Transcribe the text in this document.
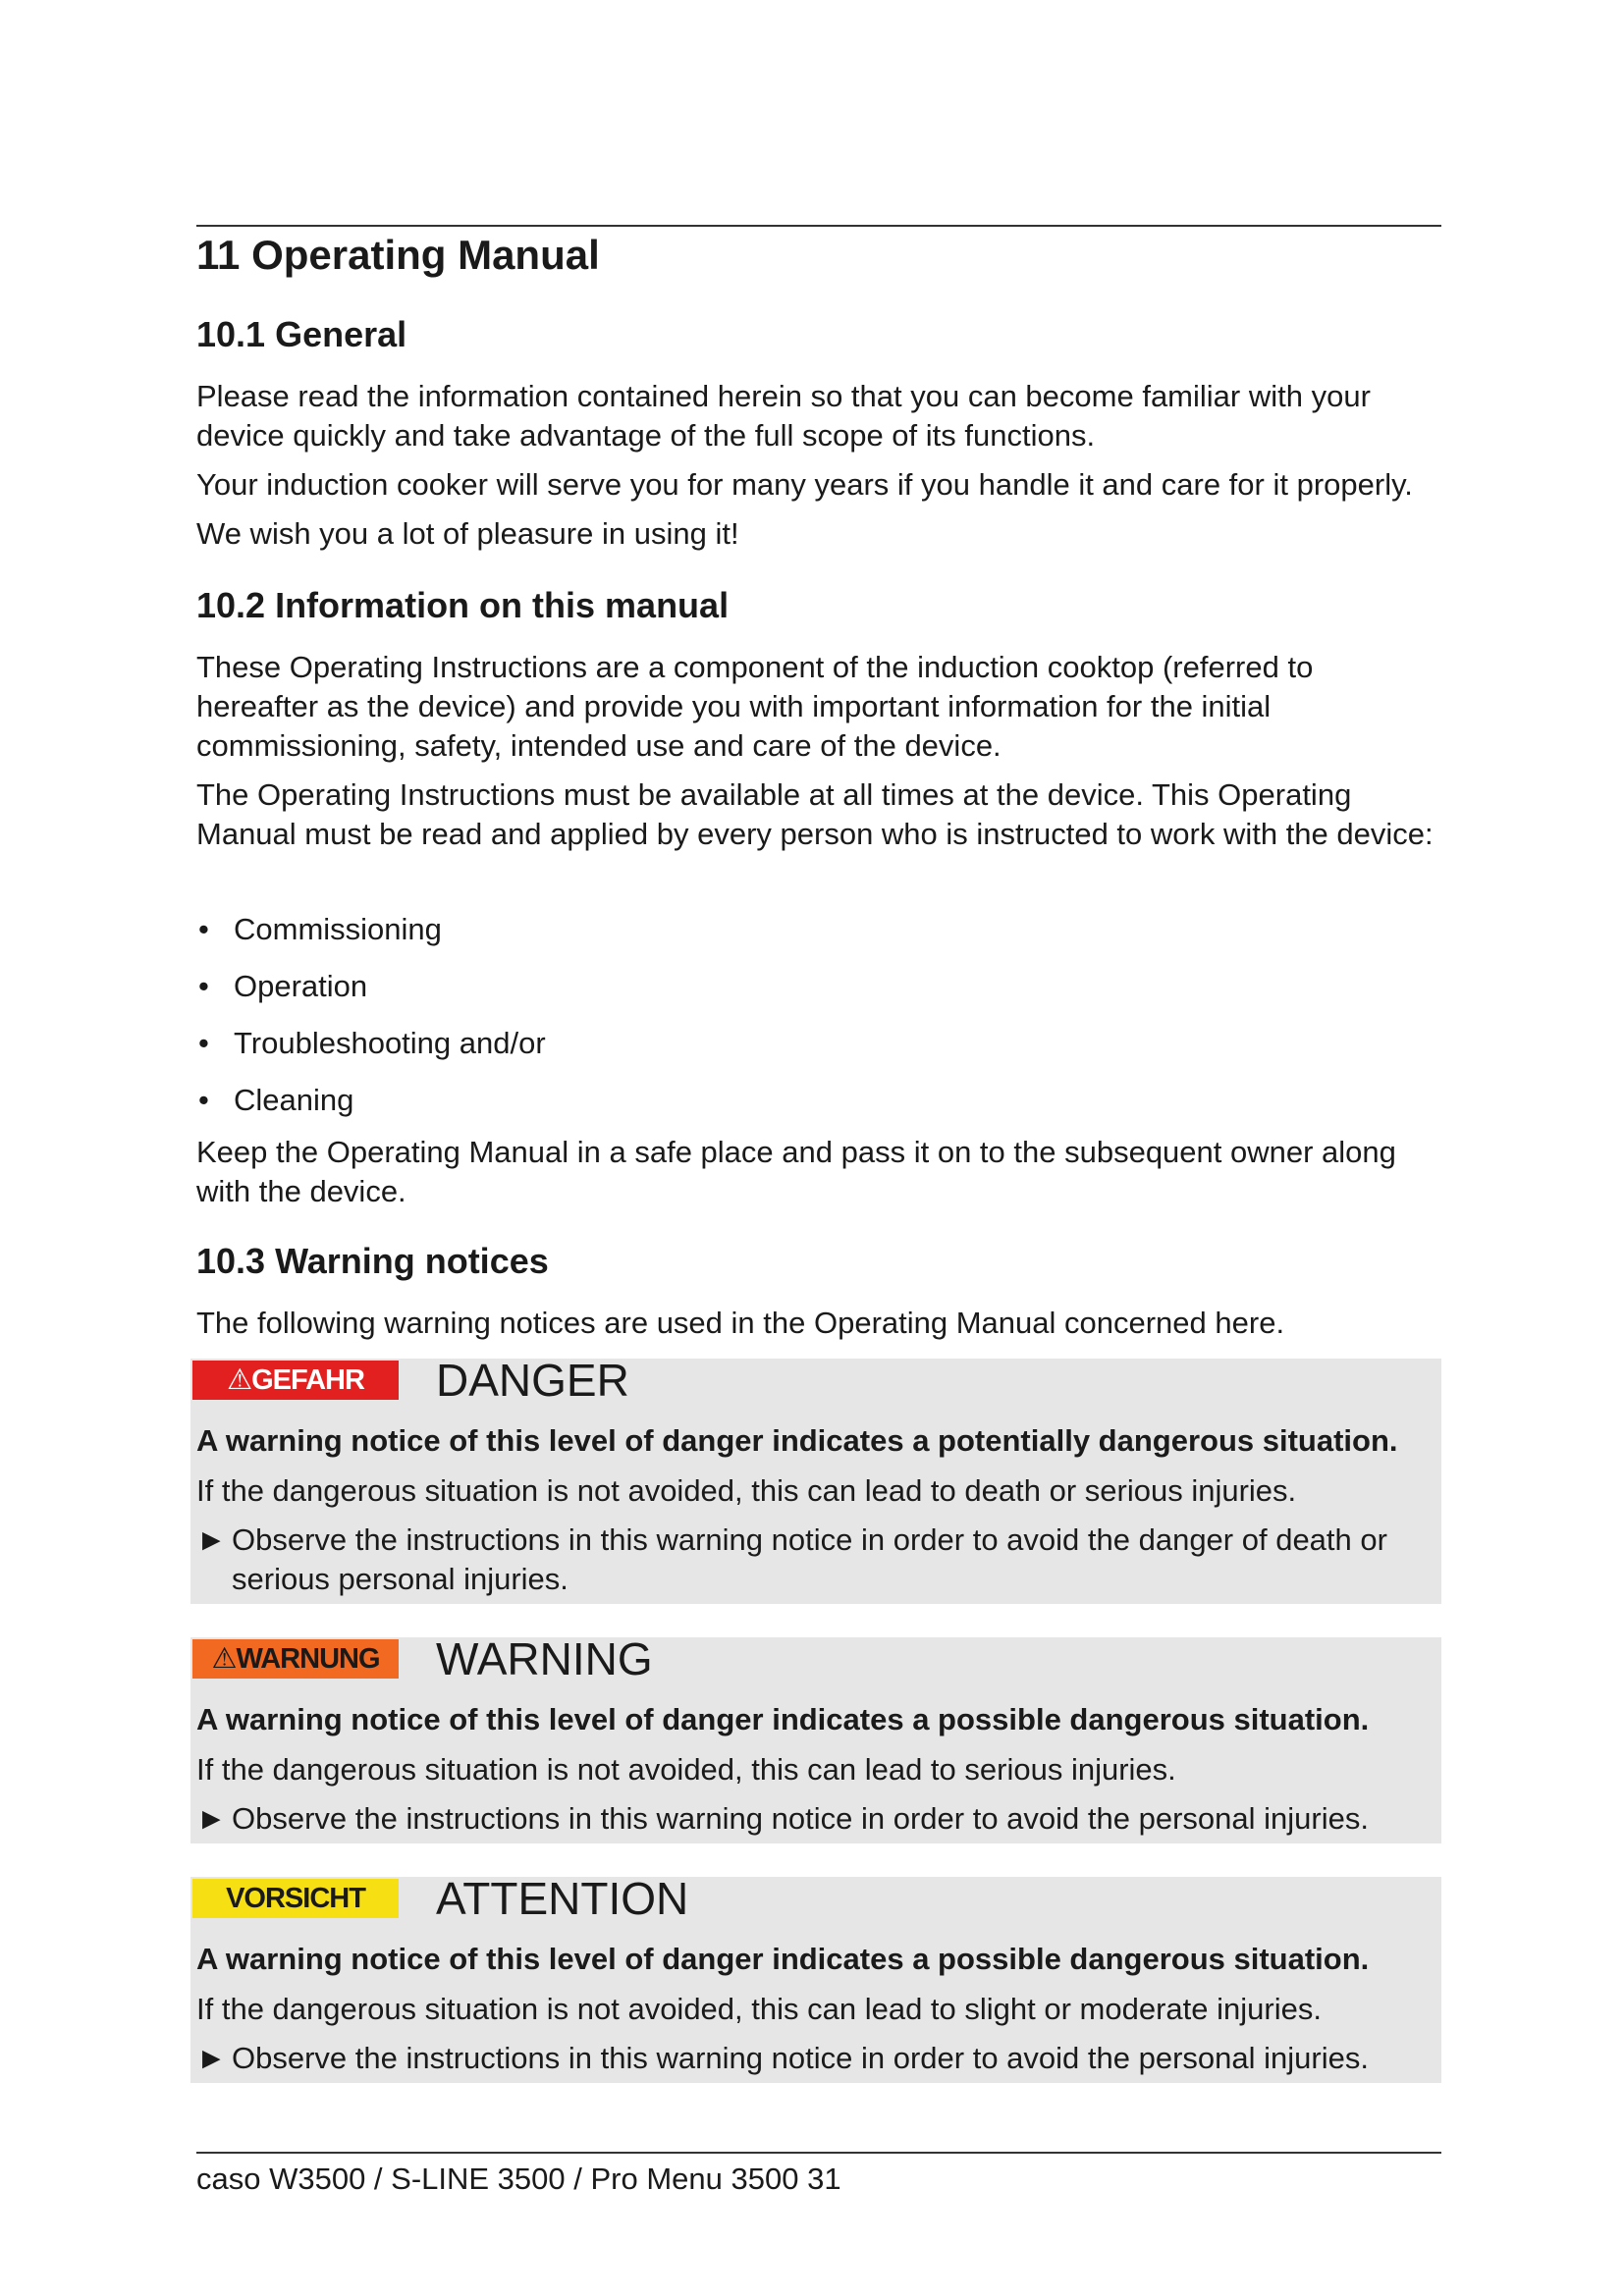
11 Operating Manual
10.1 General

Please read the information contained herein so that you can become familiar with your device quickly and take advantage of the full scope of its functions.

Your induction cooker will serve you for many years if you handle it and care for it properly.

We wish you a lot of pleasure in using it!

10.2 Information on this manual

These Operating Instructions are a component of the induction cooktop (referred to hereafter as the device) and provide you with important information for the initial commissioning, safety, intended use and care of the device.

The Operating Instructions must be available at all times at the device. This Operating Manual must be read and applied by every person who is instructed to work with the device:

• Commissioning
• Operation
• Troubleshooting and/or
• Cleaning

Keep the Operating Manual in a safe place and pass it on to the subsequent owner along with the device.

10.3 Warning notices

The following warning notices are used in the Operating Manual concerned here.

⚠GEFAHR	DANGER
A warning notice of this level of danger indicates a potentially dangerous situation.
If the dangerous situation is not avoided, this can lead to death or serious injuries.
► Observe the instructions in this warning notice in order to avoid the danger of death or serious personal injuries.
⚠WARNUNG	WARNING
A warning notice of this level of danger indicates a possible dangerous situation.
If the dangerous situation is not avoided, this can lead to serious injuries.
► Observe the instructions in this warning notice in order to avoid the personal injuries.
VORSICHT	ATTENTION
A warning notice of this level of danger indicates a possible dangerous situation.
If the dangerous situation is not avoided, this can lead to slight or moderate injuries.
► Observe the instructions in this warning notice in order to avoid the personal injuries.
caso W3500 / S-LINE 3500 / Pro Menu 3500 31
